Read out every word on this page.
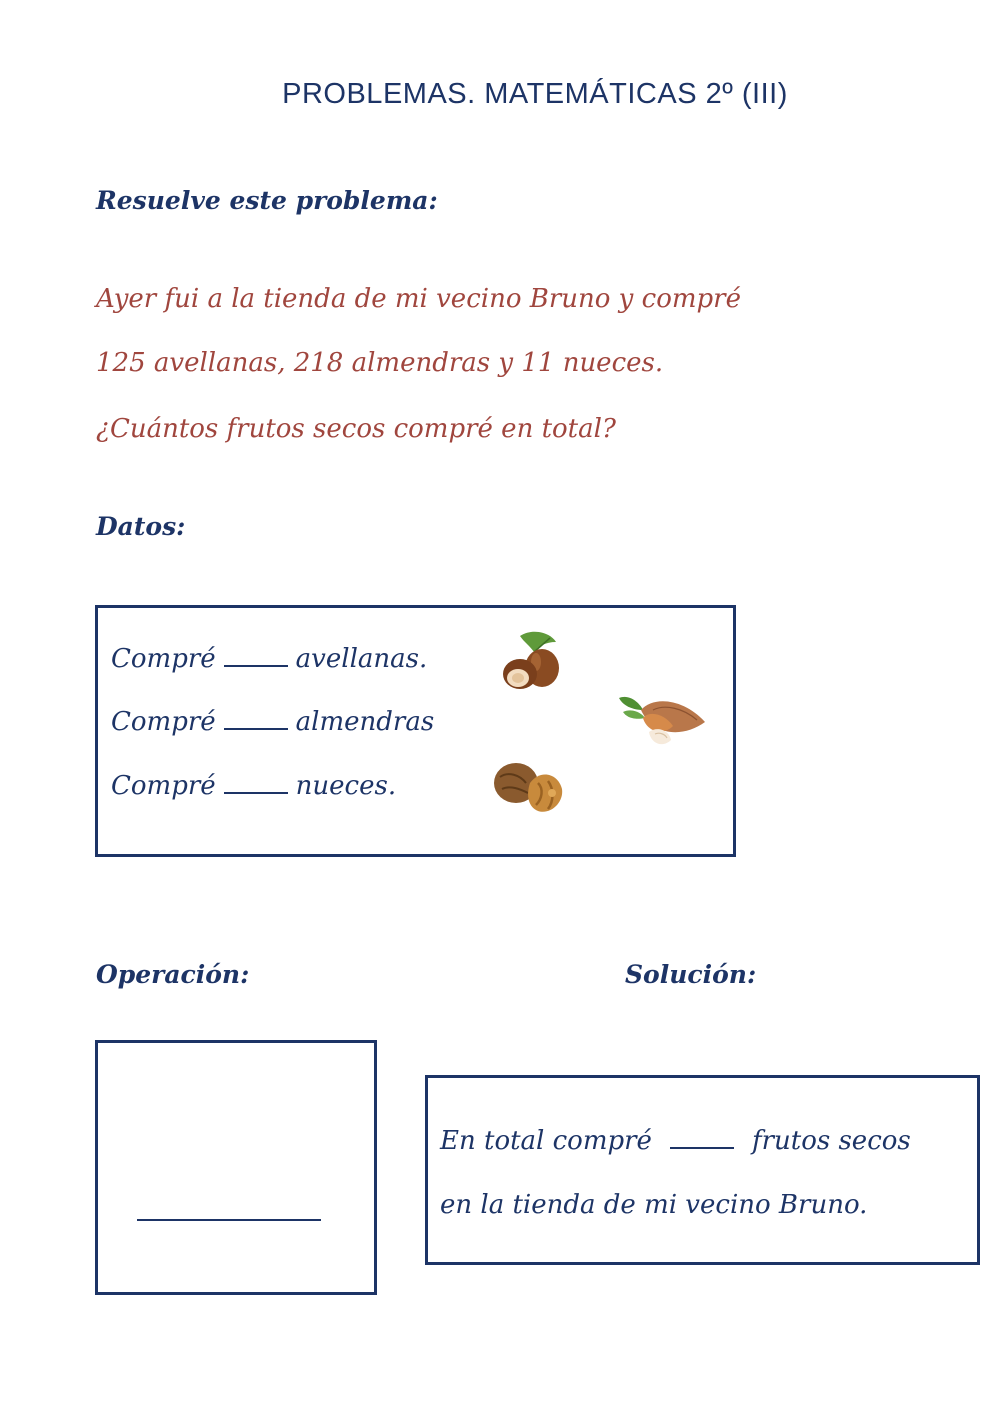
PROBLEMAS. MATEMÁTICAS 2º (III)
Resuelve este problema:
Ayer fui a la tienda de mi vecino Bruno y compré
125 avellanas, 218 almendras y 11 nueces.
¿Cuántos frutos secos compré en total?
Datos:
Compré	avellanas.
Compré	almendras
Compré	nueces.
Operación:	Solución:
En total compré	frutos secos
en la tienda de mi vecino Bruno.
